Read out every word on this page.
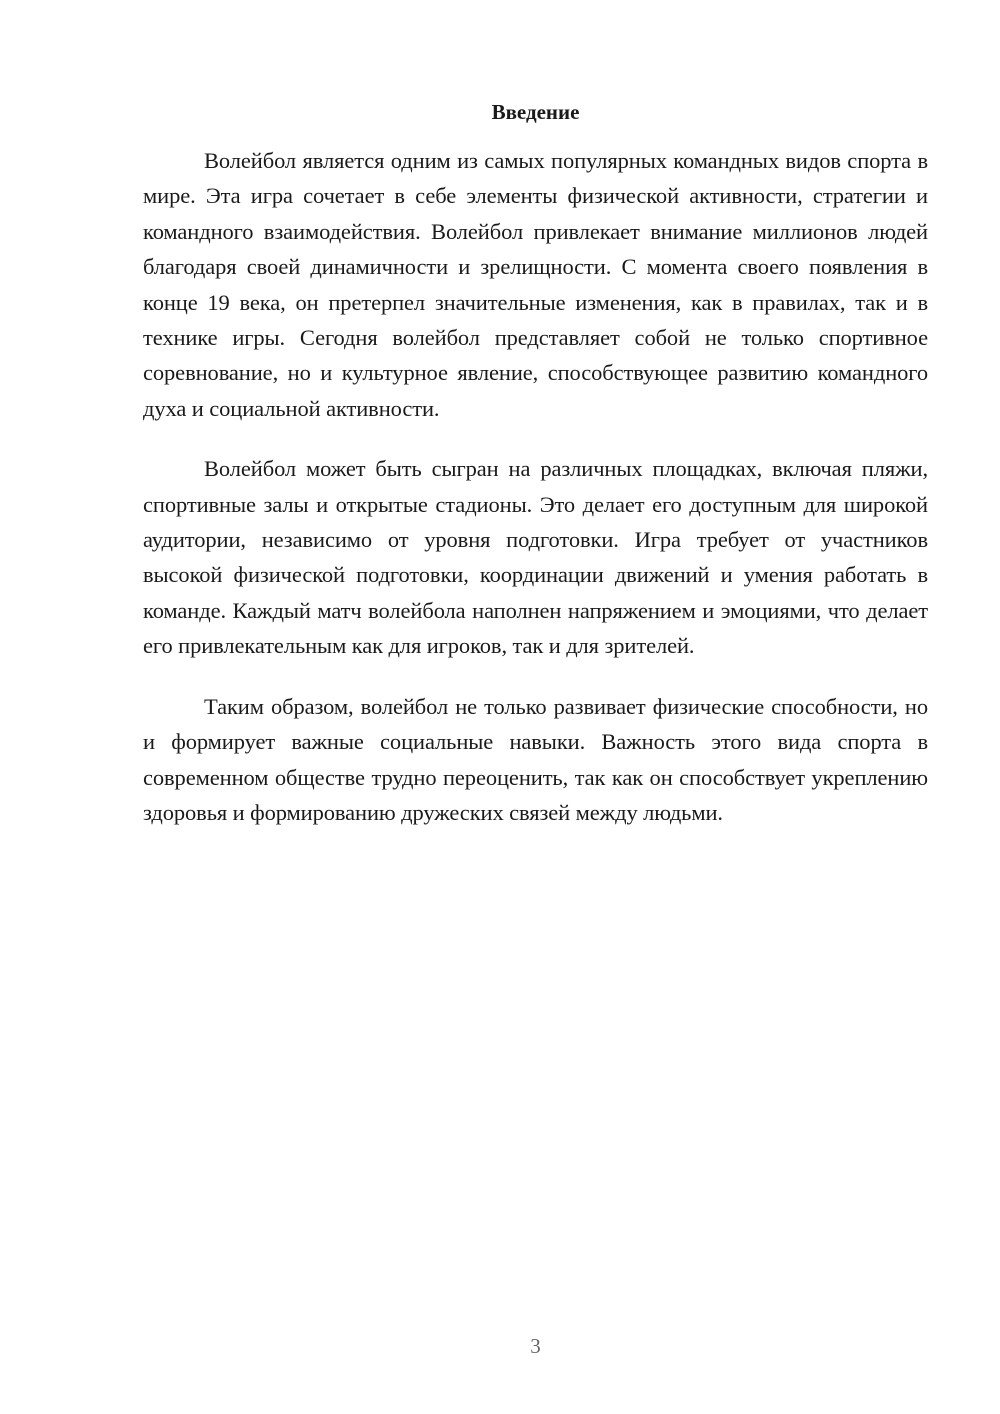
Введение

Волейбол является одним из самых популярных командных видов спорта в мире. Эта игра сочетает в себе элементы физической активности, стратегии и командного взаимодействия. Волейбол привлекает внимание миллионов людей благодаря своей динамичности и зрелищности. С момента своего появления в конце 19 века, он претерпел значительные изменения, как в правилах, так и в технике игры. Сегодня волейбол представляет собой не только спортивное соревнование, но и культурное явление, способствующее развитию командного духа и социальной активности.

Волейбол может быть сыгран на различных площадках, включая пляжи, спортивные залы и открытые стадионы. Это делает его доступным для широкой аудитории, независимо от уровня подготовки. Игра требует от участников высокой физической подготовки, координации движений и умения работать в команде. Каждый матч волейбола наполнен напряжением и эмоциями, что делает его привлекательным как для игроков, так и для зрителей.

Таким образом, волейбол не только развивает физические способности, но и формирует важные социальные навыки. Важность этого вида спорта в современном обществе трудно переоценить, так как он способствует укреплению здоровья и формированию дружеских связей между людьми.

3
